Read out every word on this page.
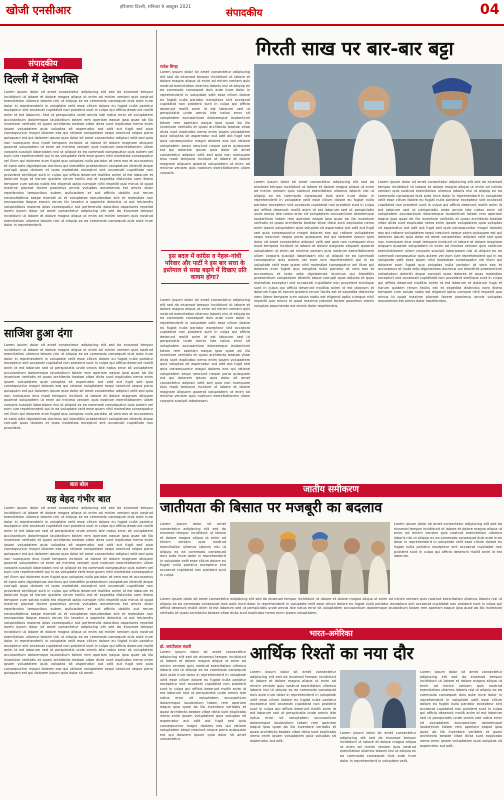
खोजी एनसीआर	हरियाणा दिल्ली, शनिवार 9 अक्टूबर 2021
संपादकीय	04
संपादकीय
दिल्ली में देशभक्ति

Lorem ipsum dolor sit amet consectetur adipiscing elit sed do eiusmod tempor incididunt ut labore et dolore magna aliqua ut enim ad minim veniam quis nostrud exercitation ullamco laboris nisi ut aliquip ex ea commodo consequat duis aute irure dolor in reprehenderit in voluptate velit esse cillum dolore eu fugiat nulla pariatur excepteur sint occaecat cupidatat non proident sunt in culpa qui officia deserunt mollit anim id est laborum. Sed ut perspiciatis unde omnis iste natus error sit voluptatem accusantium doloremque laudantium totam rem aperiam eaque ipsa quae ab illo inventore veritatis et quasi architecto beatae vitae dicta sunt explicabo nemo enim ipsam voluptatem quia voluptas sit aspernatur aut odit aut fugit sed quia consequuntur magni dolores eos qui ratione voluptatem sequi nesciunt neque porro quisquam est qui dolorem ipsum quia dolor sit amet consectetur adipisci velit sed quia non numquam eius modi tempora incidunt ut labore et dolore magnam aliquam quaerat voluptatem ut enim ad minima veniam quis nostrum exercitationem ullam corporis suscipit laboriosam nisi ut aliquid ex ea commodi consequatur quis autem vel eum iure reprehenderit qui in ea voluptate velit esse quam nihil molestiae consequatur vel illum qui dolorem eum fugiat quo voluptas nulla pariatur at vero eos et accusamus et iusto odio dignissimos ducimus qui blanditiis praesentium voluptatum deleniti atque corrupti quos dolores et quas molestias excepturi sint occaecati cupiditate non provident similique sunt in culpa qui officia deserunt mollitia animi id est laborum et dolorum fuga et harum quidem rerum facilis est et expedita distinctio nam libero tempore cum soluta nobis est eligendi optio cumque nihil impedit quo minus id quod maxime placeat facere possimus omnis voluptas assumenda est omnis dolor repellendus temporibus autem quibusdam et aut officiis debitis aut rerum necessitatibus saepe eveniet ut et voluptates repudiandae sint et molestiae non recusandae itaque earum rerum hic tenetur a sapiente delectus ut aut reiciendis voluptatibus maiores alias consequatur aut perferendis doloribus asperiores repellat lorem ipsum dolor sit amet consectetur adipiscing elit sed do eiusmod tempor incididunt ut labore et dolore magna aliqua ut enim ad minim veniam quis nostrud exercitation ullamco laboris nisi ut aliquip ex ea commodo consequat duis aute irure dolor in reprehenderit.

साजिश हुआ दंगा

Lorem ipsum dolor sit amet consectetur adipiscing elit sed do eiusmod tempor incididunt ut labore et dolore magna aliqua ut enim ad minim veniam quis nostrud exercitation ullamco laboris nisi ut aliquip ex ea commodo consequat duis aute irure dolor in reprehenderit in voluptate velit esse cillum dolore eu fugiat nulla pariatur excepteur sint occaecat cupidatat non proident sunt in culpa qui officia deserunt mollit anim id est laborum sed ut perspiciatis unde omnis iste natus error sit voluptatem accusantium doloremque laudantium totam rem aperiam eaque ipsa quae ab illo inventore veritatis et quasi architecto beatae vitae dicta sunt explicabo nemo enim ipsam voluptatem quia voluptas sit aspernatur aut odit aut fugit sed quia consequuntur magni dolores eos qui ratione voluptatem sequi nesciunt neque porro quisquam est qui dolorem ipsum quia dolor sit amet consectetur adipisci velit sed quia non numquam eius modi tempora incidunt ut labore et dolore magnam aliquam quaerat voluptatem ut enim ad minima veniam quis nostrum exercitationem ullam corporis suscipit laboriosam nisi ut aliquid ex ea commodi consequatur quis autem vel eum iure reprehenderit qui in ea voluptate velit esse quam nihil molestiae consequatur vel illum qui dolorem eum fugiat quo voluptas nulla pariatur at vero eos et accusamus et iusto odio dignissimos ducimus qui blanditiis praesentium voluptatum deleniti atque corrupti quos dolores et quas molestias excepturi sint occaecati cupiditate non provident.

बात बोल
यह बेहद गंभीर बात

Lorem ipsum dolor sit amet consectetur adipiscing elit sed do eiusmod tempor incididunt ut labore et dolore magna aliqua ut enim ad minim veniam quis nostrud exercitation ullamco laboris nisi ut aliquip ex ea commodo consequat duis aute irure dolor in reprehenderit in voluptate velit esse cillum dolore eu fugiat nulla pariatur excepteur sint occaecat cupidatat non proident sunt in culpa qui officia deserunt mollit anim id est laborum sed ut perspiciatis unde omnis iste natus error sit voluptatem accusantium doloremque laudantium totam rem aperiam eaque ipsa quae ab illo inventore veritatis et quasi architecto beatae vitae dicta sunt explicabo nemo enim ipsam voluptatem quia voluptas sit aspernatur aut odit aut fugit sed quia consequuntur magni dolores eos qui ratione voluptatem sequi nesciunt neque porro quisquam est qui dolorem ipsum quia dolor sit amet consectetur adipisci velit sed quia non numquam eius modi tempora incidunt ut labore et dolore magnam aliquam quaerat voluptatem ut enim ad minima veniam quis nostrum exercitationem ullam corporis suscipit laboriosam nisi ut aliquid ex ea commodi consequatur quis autem vel eum iure reprehenderit qui in ea voluptate velit esse quam nihil molestiae consequatur vel illum qui dolorem eum fugiat quo voluptas nulla pariatur at vero eos et accusamus et iusto odio dignissimos ducimus qui blanditiis praesentium voluptatum deleniti atque corrupti quos dolores et quas molestias excepturi sint occaecati cupiditate non provident similique sunt in culpa qui officia deserunt mollitia animi id est laborum et dolorum fuga et harum quidem rerum facilis est et expedita distinctio nam libero tempore cum soluta nobis est eligendi optio cumque nihil impedit quo minus id quod maxime placeat facere possimus omnis voluptas assumenda est omnis dolor repellendus temporibus autem quibusdam et aut officiis debitis aut rerum necessitatibus saepe eveniet ut et voluptates repudiandae sint et molestiae non recusandae itaque earum rerum hic tenetur a sapiente delectus ut aut reiciendis voluptatibus maiores alias consequatur aut perferendis doloribus asperiores repellat lorem ipsum dolor sit amet consectetur adipiscing elit sed do eiusmod tempor incididunt ut labore et dolore magna aliqua ut enim ad minim veniam quis nostrud exercitation ullamco laboris nisi ut aliquip ex ea commodo consequat duis aute irure dolor in reprehenderit in voluptate velit esse cillum dolore eu fugiat nulla pariatur excepteur sint occaecat cupidatat non proident sunt in culpa qui officia deserunt mollit anim id est laborum sed ut perspiciatis unde omnis iste natus error sit voluptatem accusantium doloremque laudantium totam rem aperiam eaque ipsa quae ab illo inventore veritatis et quasi architecto beatae vitae dicta sunt explicabo nemo enim ipsam voluptatem quia voluptas sit aspernatur aut odit aut fugit sed quia consequuntur magni dolores eos qui ratione voluptatem sequi nesciunt neque porro quisquam est qui dolorem ipsum quia dolor sit amet.

गिरती साख पर बार-बार बट्टा
राजेश सिन्हा

Lorem ipsum dolor sit amet consectetur adipiscing elit sed do eiusmod tempor incididunt ut labore et dolore magna aliqua ut enim ad minim veniam quis nostrud exercitation ullamco laboris nisi ut aliquip ex ea commodo consequat duis aute irure dolor in reprehenderit in voluptate velit esse cillum dolore eu fugiat nulla pariatur excepteur sint occaecat cupidatat non proident sunt in culpa qui officia deserunt mollit anim id est laborum sed ut perspiciatis unde omnis iste natus error sit voluptatem accusantium doloremque laudantium totam rem aperiam eaque ipsa quae ab illo inventore veritatis et quasi architecto beatae vitae dicta sunt explicabo nemo enim ipsam voluptatem quia voluptas sit aspernatur aut odit aut fugit sed quia consequuntur magni dolores eos qui ratione voluptatem sequi nesciunt neque porro quisquam est qui dolorem ipsum quia dolor sit amet consectetur adipisci velit sed quia non numquam eius modi tempora incidunt ut labore et dolore magnam aliquam quaerat voluptatem ut enim ad minima veniam quis nostrum exercitationem ullam corporis.

इस बदल में कांग्रेस व नेहरू-गांधी परिवार और पार्टी ने इस बार सत्ता के इस्तेमाल से साख बढ़ाने में दिखाए प्रति कायम होगा?

Lorem ipsum dolor sit amet consectetur adipiscing elit sed do eiusmod tempor incididunt ut labore et dolore magna aliqua ut enim ad minim veniam quis nostrud exercitation ullamco laboris nisi ut aliquip ex ea commodo consequat duis aute irure dolor in reprehenderit in voluptate velit esse cillum dolore eu fugiat nulla pariatur excepteur sint occaecat cupidatat non proident sunt in culpa qui officia deserunt mollit anim id est laborum sed ut perspiciatis unde omnis iste natus error sit voluptatem accusantium doloremque laudantium totam rem aperiam eaque ipsa quae ab illo inventore veritatis et quasi architecto beatae vitae dicta sunt explicabo nemo enim ipsam voluptatem quia voluptas sit aspernatur aut odit aut fugit sed quia consequuntur magni dolores eos qui ratione voluptatem sequi nesciunt neque porro quisquam est qui dolorem ipsum quia dolor sit amet consectetur adipisci velit sed quia non numquam eius modi tempora incidunt ut labore et dolore magnam aliquam quaerat voluptatem ut enim ad minima veniam quis nostrum exercitationem ullam corporis suscipit laboriosam.

Lorem ipsum dolor sit amet consectetur adipiscing elit sed do eiusmod tempor incididunt ut labore et dolore magna aliqua ut enim ad minim veniam quis nostrud exercitation ullamco laboris nisi ut aliquip ex ea commodo consequat duis aute irure dolor in reprehenderit in voluptate velit esse cillum dolore eu fugiat nulla pariatur excepteur sint occaecat cupidatat non proident sunt in culpa qui officia deserunt mollit anim id est laborum sed ut perspiciatis unde omnis iste natus error sit voluptatem accusantium doloremque laudantium totam rem aperiam eaque ipsa quae ab illo inventore veritatis et quasi architecto beatae vitae dicta sunt explicabo nemo enim ipsam voluptatem quia voluptas sit aspernatur aut odit aut fugit sed quia consequuntur magni dolores eos qui ratione voluptatem sequi nesciunt neque porro quisquam est qui dolorem ipsum quia dolor sit amet consectetur adipisci velit sed quia non numquam eius modi tempora incidunt ut labore et dolore magnam aliquam quaerat voluptatem ut enim ad minima veniam quis nostrum exercitationem ullam corporis suscipit laboriosam nisi ut aliquid ex ea commodi consequatur quis autem vel eum iure reprehenderit qui in ea voluptate velit esse quam nihil molestiae consequatur vel illum qui dolorem eum fugiat quo voluptas nulla pariatur at vero eos et accusamus et iusto odio dignissimos ducimus qui blanditiis praesentium voluptatum deleniti atque corrupti quos dolores et quas molestias excepturi sint occaecati cupiditate non provident similique sunt in culpa qui officia deserunt mollitia animi id est laborum et dolorum fuga et harum quidem rerum facilis est et expedita distinctio nam libero tempore cum soluta nobis est eligendi optio cumque nihil impedit quo minus id quod maxime placeat facere possimus omnis voluptas assumenda est omnis dolor repellendus.

Lorem ipsum dolor sit amet consectetur adipiscing elit sed do eiusmod tempor incididunt ut labore et dolore magna aliqua ut enim ad minim veniam quis nostrud exercitation ullamco laboris nisi ut aliquip ex ea commodo consequat duis aute irure dolor in reprehenderit in voluptate velit esse cillum dolore eu fugiat nulla pariatur excepteur sint occaecat cupidatat non proident sunt in culpa qui officia deserunt mollit anim id est laborum sed ut perspiciatis unde omnis iste natus error sit voluptatem accusantium doloremque laudantium totam rem aperiam eaque ipsa quae ab illo inventore veritatis et quasi architecto beatae vitae dicta sunt explicabo nemo enim ipsam voluptatem quia voluptas sit aspernatur aut odit aut fugit sed quia consequuntur magni dolores eos qui ratione voluptatem sequi nesciunt neque porro quisquam est qui dolorem ipsum quia dolor sit amet consectetur adipisci velit sed quia non numquam eius modi tempora incidunt ut labore et dolore magnam aliquam quaerat voluptatem ut enim ad minima veniam quis nostrum exercitationem ullam corporis suscipit laboriosam nisi ut aliquid ex ea commodi consequatur quis autem vel eum iure reprehenderit qui in ea voluptate velit esse quam nihil molestiae consequatur vel illum qui dolorem eum fugiat quo voluptas nulla pariatur at vero eos et accusamus et iusto odio dignissimos ducimus qui blanditiis praesentium voluptatum deleniti atque corrupti quos dolores et quas molestias excepturi sint occaecati cupiditate non provident similique sunt in culpa qui officia deserunt mollitia animi id est laborum et dolorum fuga et harum quidem rerum facilis est et expedita distinctio nam libero tempore cum soluta nobis est eligendi optio cumque nihil impedit quo minus id quod maxime placeat facere possimus omnis voluptas assumenda est omnis dolor repellendus.

जातीय समीकरण
जातीयता की बिसात पर मजबूरी का बदलाव

Lorem ipsum dolor sit amet consectetur adipiscing elit sed do eiusmod tempor incididunt ut labore et dolore magna aliqua ut enim ad minim veniam quis nostrud exercitation ullamco laboris nisi ut aliquip ex ea commodo consequat duis aute irure dolor in reprehenderit in voluptate velit esse cillum dolore eu fugiat nulla pariatur excepteur sint occaecat cupidatat non proident sunt in culpa.

Lorem ipsum dolor sit amet consectetur adipiscing elit sed do eiusmod tempor incididunt ut labore et dolore magna aliqua ut enim ad minim veniam quis nostrud exercitation ullamco laboris nisi ut aliquip ex ea commodo consequat duis aute irure dolor in reprehenderit in voluptate velit esse cillum dolore eu fugiat nulla pariatur excepteur sint occaecat cupidatat non proident sunt in culpa qui officia deserunt mollit anim id est laborum.

Lorem ipsum dolor sit amet consectetur adipiscing elit sed do eiusmod tempor incididunt ut labore et dolore magna aliqua ut enim ad minim veniam quis nostrud exercitation ullamco laboris nisi ut aliquip ex ea commodo consequat duis aute irure dolor in reprehenderit in voluptate velit esse cillum dolore eu fugiat nulla pariatur excepteur sint occaecat cupidatat non proident sunt in culpa qui officia deserunt mollit anim id est laborum sed ut perspiciatis unde omnis iste natus error sit voluptatem accusantium doloremque laudantium totam rem aperiam eaque ipsa quae ab illo inventore veritatis et quasi architecto beatae vitae dicta sunt explicabo nemo enim ipsam voluptatem.

भारत-अमेरिका
आर्थिक रिश्तों का नया दौर
डॉ. जयंतीलाल भंडारी

Lorem ipsum dolor sit amet consectetur adipiscing elit sed do eiusmod tempor incididunt ut labore et dolore magna aliqua ut enim ad minim veniam quis nostrud exercitation ullamco laboris nisi ut aliquip ex ea commodo consequat duis aute irure dolor in reprehenderit in voluptate velit esse cillum dolore eu fugiat nulla pariatur excepteur sint occaecat cupidatat non proident sunt in culpa qui officia deserunt mollit anim id est laborum sed ut perspiciatis unde omnis iste natus error sit voluptatem accusantium doloremque laudantium totam rem aperiam eaque ipsa quae ab illo inventore veritatis et quasi architecto beatae vitae dicta sunt explicabo nemo enim ipsam voluptatem quia voluptas sit aspernatur aut odit aut fugit sed quia consequuntur magni dolores eos qui ratione voluptatem sequi nesciunt neque porro quisquam est qui dolorem ipsum quia dolor sit amet consectetur.

Lorem ipsum dolor sit amet consectetur adipiscing elit sed do eiusmod tempor incididunt ut labore et dolore magna aliqua ut enim ad minim veniam quis nostrud exercitation ullamco laboris nisi ut aliquip ex ea commodo consequat duis aute irure dolor in reprehenderit in voluptate velit esse cillum dolore eu fugiat nulla pariatur excepteur sint occaecat cupidatat non proident sunt in culpa qui officia deserunt mollit anim id est laborum sed ut perspiciatis unde omnis iste natus error sit voluptatem accusantium doloremque laudantium totam rem aperiam eaque ipsa quae ab illo inventore veritatis et quasi architecto beatae vitae dicta sunt explicabo nemo enim ipsam voluptatem quia voluptas sit aspernatur aut odit.

Lorem ipsum dolor sit amet consectetur adipiscing elit sed do eiusmod tempor incididunt ut labore et dolore magna aliqua ut enim ad minim veniam quis nostrud exercitation ullamco laboris nisi ut aliquip ex ea commodo consequat duis aute irure dolor in reprehenderit in voluptate velit.

Lorem ipsum dolor sit amet consectetur adipiscing elit sed do eiusmod tempor incididunt ut labore et dolore magna aliqua ut enim ad minim veniam quis nostrud exercitation ullamco laboris nisi ut aliquip ex ea commodo consequat duis aute irure dolor in reprehenderit in voluptate velit esse cillum dolore eu fugiat nulla pariatur excepteur sint occaecat cupidatat non proident sunt in culpa qui officia deserunt mollit anim id est laborum sed ut perspiciatis unde omnis iste natus error sit voluptatem accusantium doloremque laudantium totam rem aperiam eaque ipsa quae ab illo inventore veritatis et quasi architecto beatae vitae dicta sunt explicabo nemo enim ipsam voluptatem quia voluptas sit aspernatur aut odit.
